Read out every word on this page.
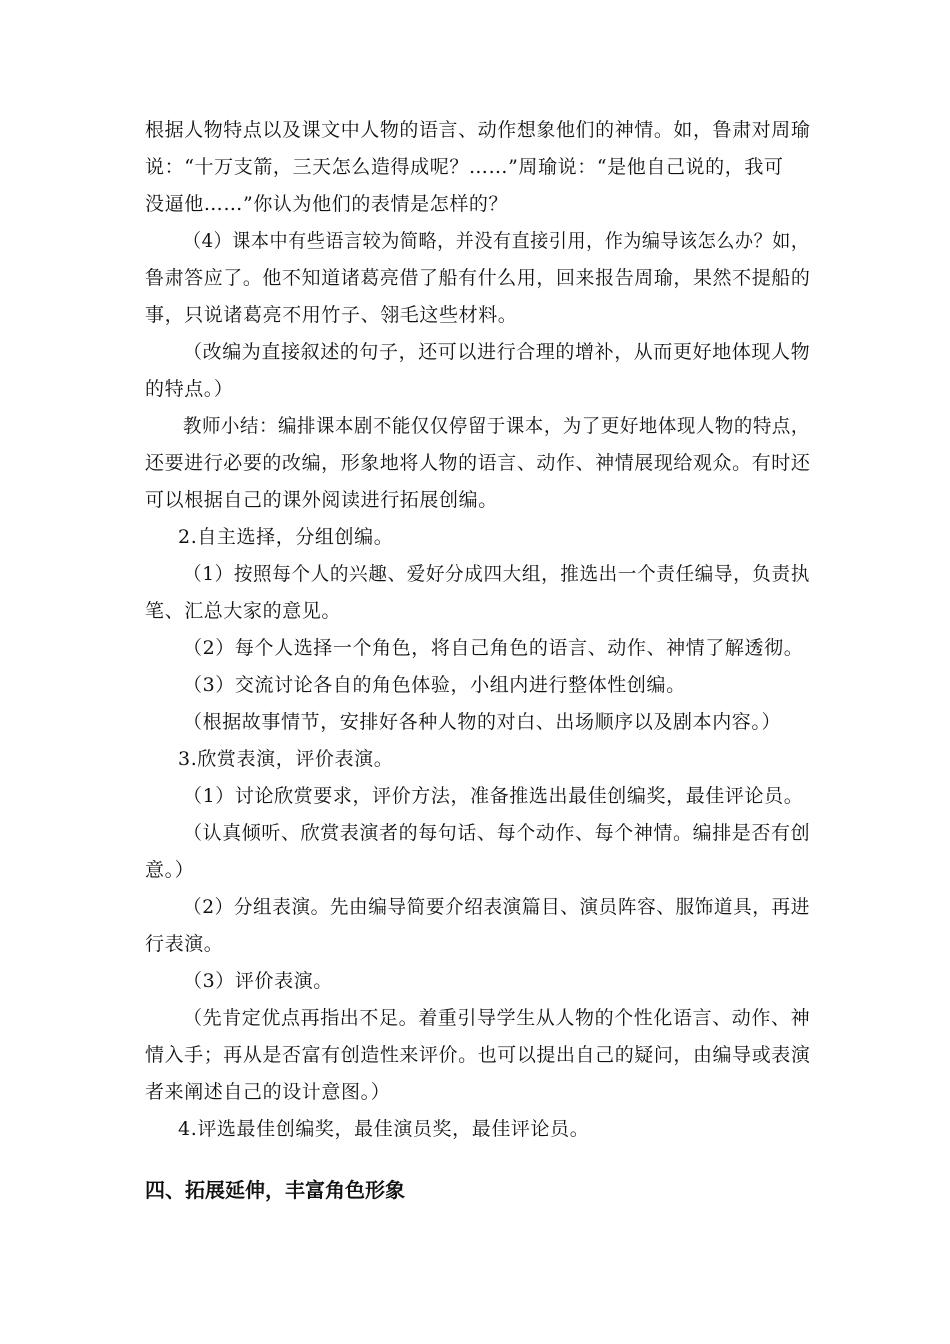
根据人物特点以及课文中人物的语言、动作想象他们的神情。如，鲁肃对周瑜
说：“十万支箭，三天怎么造得成呢？……”周瑜说：“是他自己说的，我可
没逼他……”你认为他们的表情是怎样的？
（4）课本中有些语言较为简略，并没有直接引用，作为编导该怎么办？如，
鲁肃答应了。他不知道诸葛亮借了船有什么用，回来报告周瑜，果然不提船的
事，只说诸葛亮不用竹子、翎毛这些材料。
（改编为直接叙述的句子，还可以进行合理的增补，从而更好地体现人物
的特点。）
教师小结：编排课本剧不能仅仅停留于课本，为了更好地体现人物的特点，
还要进行必要的改编，形象地将人物的语言、动作、神情展现给观众。有时还
可以根据自己的课外阅读进行拓展创编。
2.自主选择，分组创编。
（1）按照每个人的兴趣、爱好分成四大组，推选出一个责任编导，负责执
笔、汇总大家的意见。
（2）每个人选择一个角色，将自己角色的语言、动作、神情了解透彻。
（3）交流讨论各自的角色体验，小组内进行整体性创编。
（根据故事情节，安排好各种人物的对白、出场顺序以及剧本内容。）
3.欣赏表演，评价表演。
（1）讨论欣赏要求，评价方法，准备推选出最佳创编奖，最佳评论员。
（认真倾听、欣赏表演者的每句话、每个动作、每个神情。编排是否有创
意。）
（2）分组表演。先由编导简要介绍表演篇目、演员阵容、服饰道具，再进
行表演。
（3）评价表演。
（先肯定优点再指出不足。着重引导学生从人物的个性化语言、动作、神
情入手；再从是否富有创造性来评价。也可以提出自己的疑问，由编导或表演
者来阐述自己的设计意图。）
4.评选最佳创编奖，最佳演员奖，最佳评论员。
四、拓展延伸，丰富角色形象
